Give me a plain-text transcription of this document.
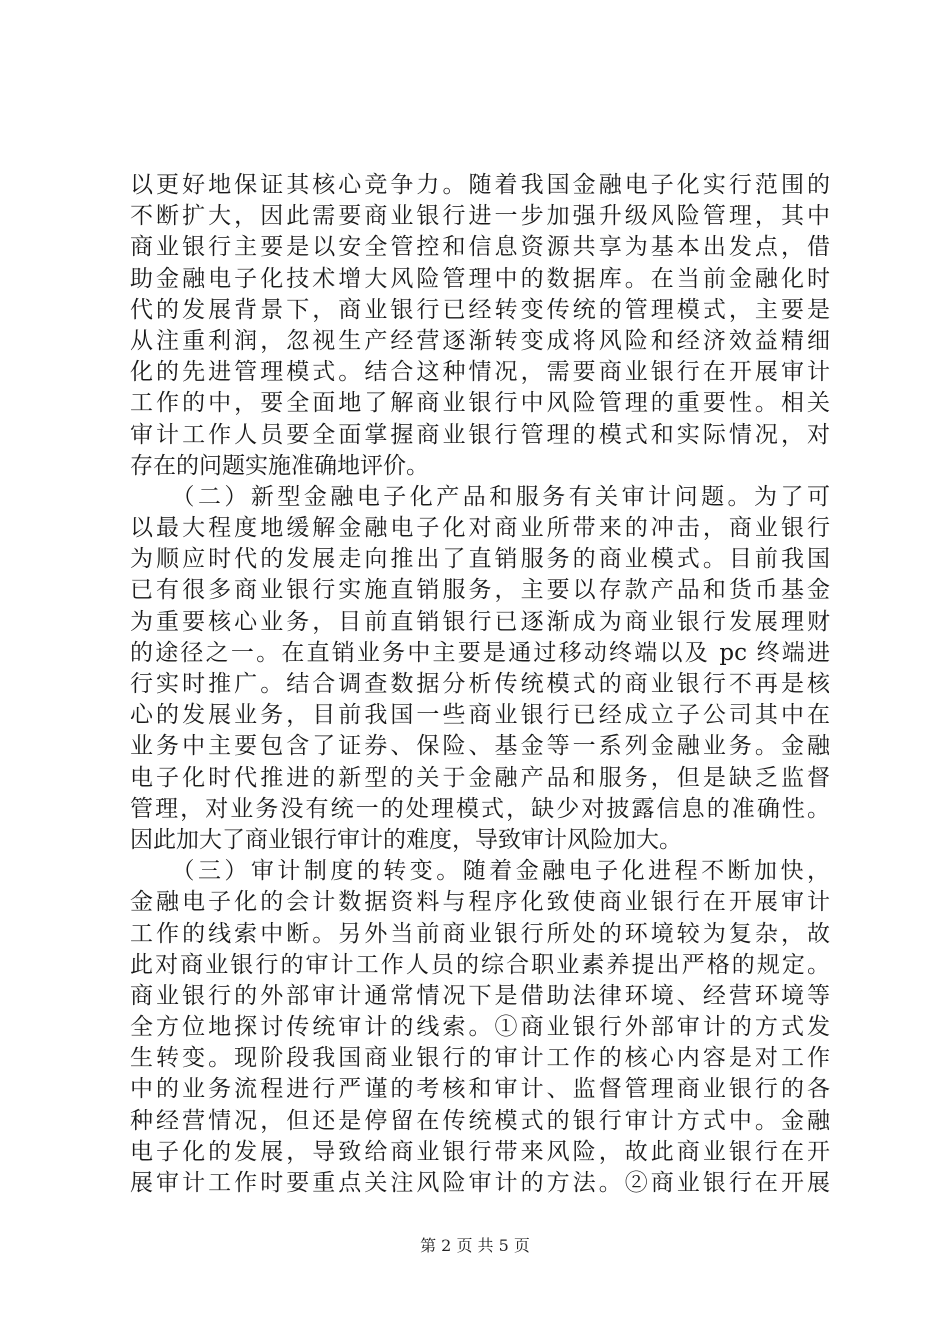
以更好地保证其核心竞争力。随着我国金融电子化实行范围的
不断扩大，因此需要商业银行进一步加强升级风险管理，其中
商业银行主要是以安全管控和信息资源共享为基本出发点，借
助金融电子化技术增大风险管理中的数据库。在当前金融化时
代的发展背景下，商业银行已经转变传统的管理模式，主要是
从注重利润，忽视生产经营逐渐转变成将风险和经济效益精细
化的先进管理模式。结合这种情况，需要商业银行在开展审计
工作的中，要全面地了解商业银行中风险管理的重要性。相关
审计工作人员要全面掌握商业银行管理的模式和实际情况，对
存在的问题实施准确地评价。
　　（二）新型金融电子化产品和服务有关审计问题。为了可
以最大程度地缓解金融电子化对商业所带来的冲击，商业银行
为顺应时代的发展走向推出了直销服务的商业模式。目前我国
已有很多商业银行实施直销服务，主要以存款产品和货币基金
为重要核心业务，目前直销银行已逐渐成为商业银行发展理财
的途径之一。在直销业务中主要是通过移动终端以及 pc 终端进
行实时推广。结合调查数据分析传统模式的商业银行不再是核
心的发展业务，目前我国一些商业银行已经成立子公司其中在
业务中主要包含了证券、保险、基金等一系列金融业务。金融
电子化时代推进的新型的关于金融产品和服务，但是缺乏监督
管理，对业务没有统一的处理模式，缺少对披露信息的准确性。
因此加大了商业银行审计的难度，导致审计风险加大。
　　（三）审计制度的转变。随着金融电子化进程不断加快，
金融电子化的会计数据资料与程序化致使商业银行在开展审计
工作的线索中断。另外当前商业银行所处的环境较为复杂，故
此对商业银行的审计工作人员的综合职业素养提出严格的规定。
商业银行的外部审计通常情况下是借助法律环境、经营环境等
全方位地探讨传统审计的线索。①商业银行外部审计的方式发
生转变。现阶段我国商业银行的审计工作的核心内容是对工作
中的业务流程进行严谨的考核和审计、监督管理商业银行的各
种经营情况，但还是停留在传统模式的银行审计方式中。金融
电子化的发展，导致给商业银行带来风险，故此商业银行在开
展审计工作时要重点关注风险审计的方法。②商业银行在开展
第 2 页 共 5 页
